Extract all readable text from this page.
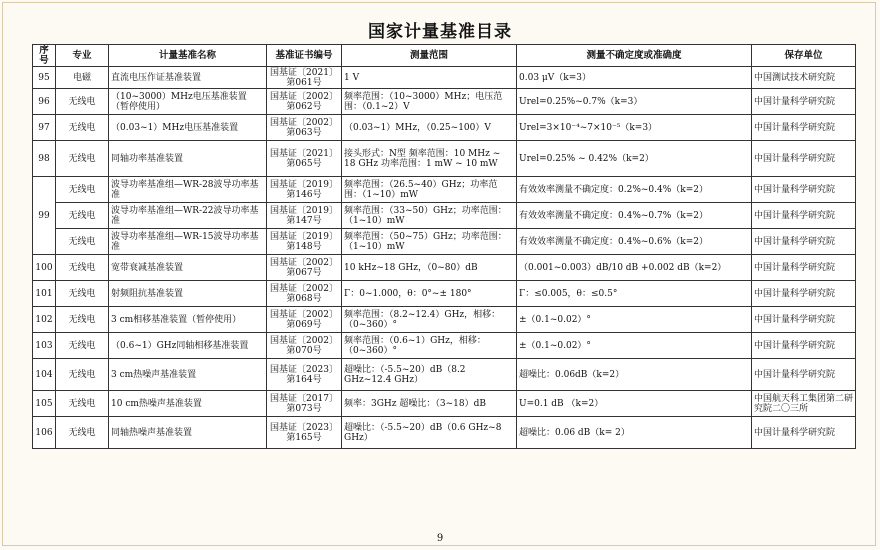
国家计量基准目录
序号	专业	计量基准名称	基准证书编号	测量范围	测量不确定度或准确度	保存单位
95	电磁	直流电压作证基准装置	国基证〔2021〕第061号	1 V	0.03 μV（k=3）	中国测试技术研究院
96	无线电	（10~3000）MHz电压基准装置（暂停使用）	国基证〔2002〕第062号	频率范围：（10~3000）MHz；电压范围：（0.1~2）V	Urel=0.25%~0.7%（k=3）	中国计量科学研究院
97	无线电	（0.03~1）MHz电压基准装置	国基证〔2002〕第063号	（0.03~1）MHz，（0.25~100）V	Urel=3×10⁻⁴~7×10⁻⁵（k=3）	中国计量科学研究院
98	无线电	同轴功率基准装置	国基证〔2021〕第065号	接头形式：N型 频率范围：10 MHz ~ 18 GHz 功率范围：1 mW ~ 10 mW	Urel=0.25% ~ 0.42%（k=2）	中国计量科学研究院
99	无线电	波导功率基准组—WR-28波导功率基准	国基证〔2019〕第146号	频率范围：（26.5~40）GHz；功率范围：（1~10）mW	有效效率测量不确定度：0.2%~0.4%（k=2）	中国计量科学研究院
	无线电	波导功率基准组—WR-22波导功率基准	国基证〔2019〕第147号	频率范围：（33~50）GHz；功率范围：（1~10）mW	有效效率测量不确定度：0.4%~0.7%（k=2）	中国计量科学研究院
	无线电	波导功率基准组—WR-15波导功率基准	国基证〔2019〕第148号	频率范围：（50~75）GHz；功率范围：（1~10）mW	有效效率测量不确定度：0.4%~0.6%（k=2）	中国计量科学研究院
100	无线电	宽带衰减基准装置	国基证〔2002〕第067号	10 kHz~18 GHz，（0~80）dB	（0.001~0.003）dB/10 dB +0.002 dB（k=2）	中国计量科学研究院
101	无线电	射频阻抗基准装置	国基证〔2002〕第068号	Γ：0~1.000，θ：0°~± 180°	Γ：≤0.005，θ：≤0.5°	中国计量科学研究院
102	无线电	3 cm相移基准装置（暂停使用）	国基证〔2002〕第069号	频率范围：（8.2~12.4）GHz，相移：（0~360）°	±（0.1~0.02）°	中国计量科学研究院
103	无线电	（0.6~1）GHz同轴相移基准装置	国基证〔2002〕第070号	频率范围：（0.6~1）GHz，相移：（0~360）°	±（0.1~0.02）°	中国计量科学研究院
104	无线电	3 cm热噪声基准装置	国基证〔2023〕第164号	超噪比：（-5.5~20）dB（8.2 GHz~12.4 GHz）	超噪比：0.06dB（k=2）	中国计量科学研究院
105	无线电	10 cm热噪声基准装置	国基证〔2017〕第073号	频率：3GHz 超噪比：（3~18）dB	U=0.1 dB （k=2）	中国航天科工集团第二研究院二〇三所
106	无线电	同轴热噪声基准装置	国基证〔2023〕第165号	超噪比：（-5.5~20）dB（0.6 GHz~8 GHz）	超噪比：0.06 dB（k= 2）	中国计量科学研究院
9
